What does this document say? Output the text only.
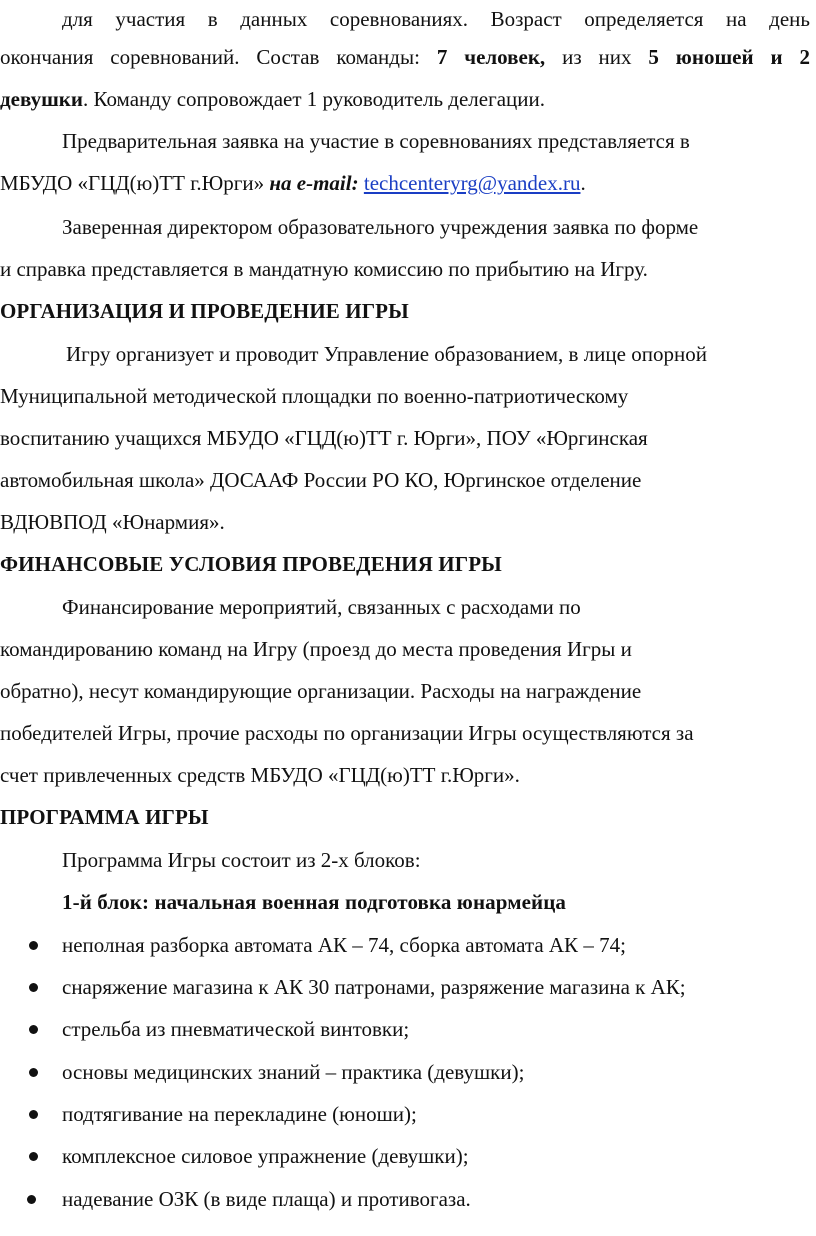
для участия в данных соревнованиях. Возраст определяется на день
окончания соревнований. Состав команды: 7 человек, из них 5 юношей и 2
девушки. Команду сопровождает 1 руководитель делегации.
Предварительная заявка на участие в соревнованиях представляется в
МБУДО «ГЦД(ю)ТТ г.Юрги» на e-mail: techcenteryrg@yandex.ru.
Заверенная директором образовательного учреждения заявка по форме
и справка представляется в мандатную комиссию по прибытию на Игру.
ОРГАНИЗАЦИЯ И ПРОВЕДЕНИЕ ИГРЫ
Игру организует и проводит Управление образованием, в лице опорной
Муниципальной методической площадки по военно-патриотическому
воспитанию учащихся МБУДО «ГЦД(ю)ТТ г. Юрги», ПОУ «Юргинская
автомобильная школа» ДОСААФ России РО КО, Юргинское отделение
ВДЮВПОД «Юнармия».
ФИНАНСОВЫЕ УСЛОВИЯ ПРОВЕДЕНИЯ ИГРЫ
Финансирование мероприятий, связанных с расходами по
командированию команд на Игру (проезд до места проведения Игры и
обратно), несут командирующие организации. Расходы на награждение
победителей Игры, прочие расходы по организации Игры осуществляются за
счет привлеченных средств МБУДО «ГЦД(ю)ТТ г.Юрги».
ПРОГРАММА ИГРЫ
Программа Игры состоит из 2-х блоков:
1-й блок: начальная военная подготовка юнармейца
неполная разборка автомата АК – 74, сборка автомата АК – 74;
снаряжение магазина к АК 30 патронами, разряжение магазина к АК;
стрельба из пневматической винтовки;
основы медицинских знаний – практика (девушки);
подтягивание на перекладине (юноши);
комплексное силовое упражнение (девушки);
надевание ОЗК (в виде плаща) и противогаза.
